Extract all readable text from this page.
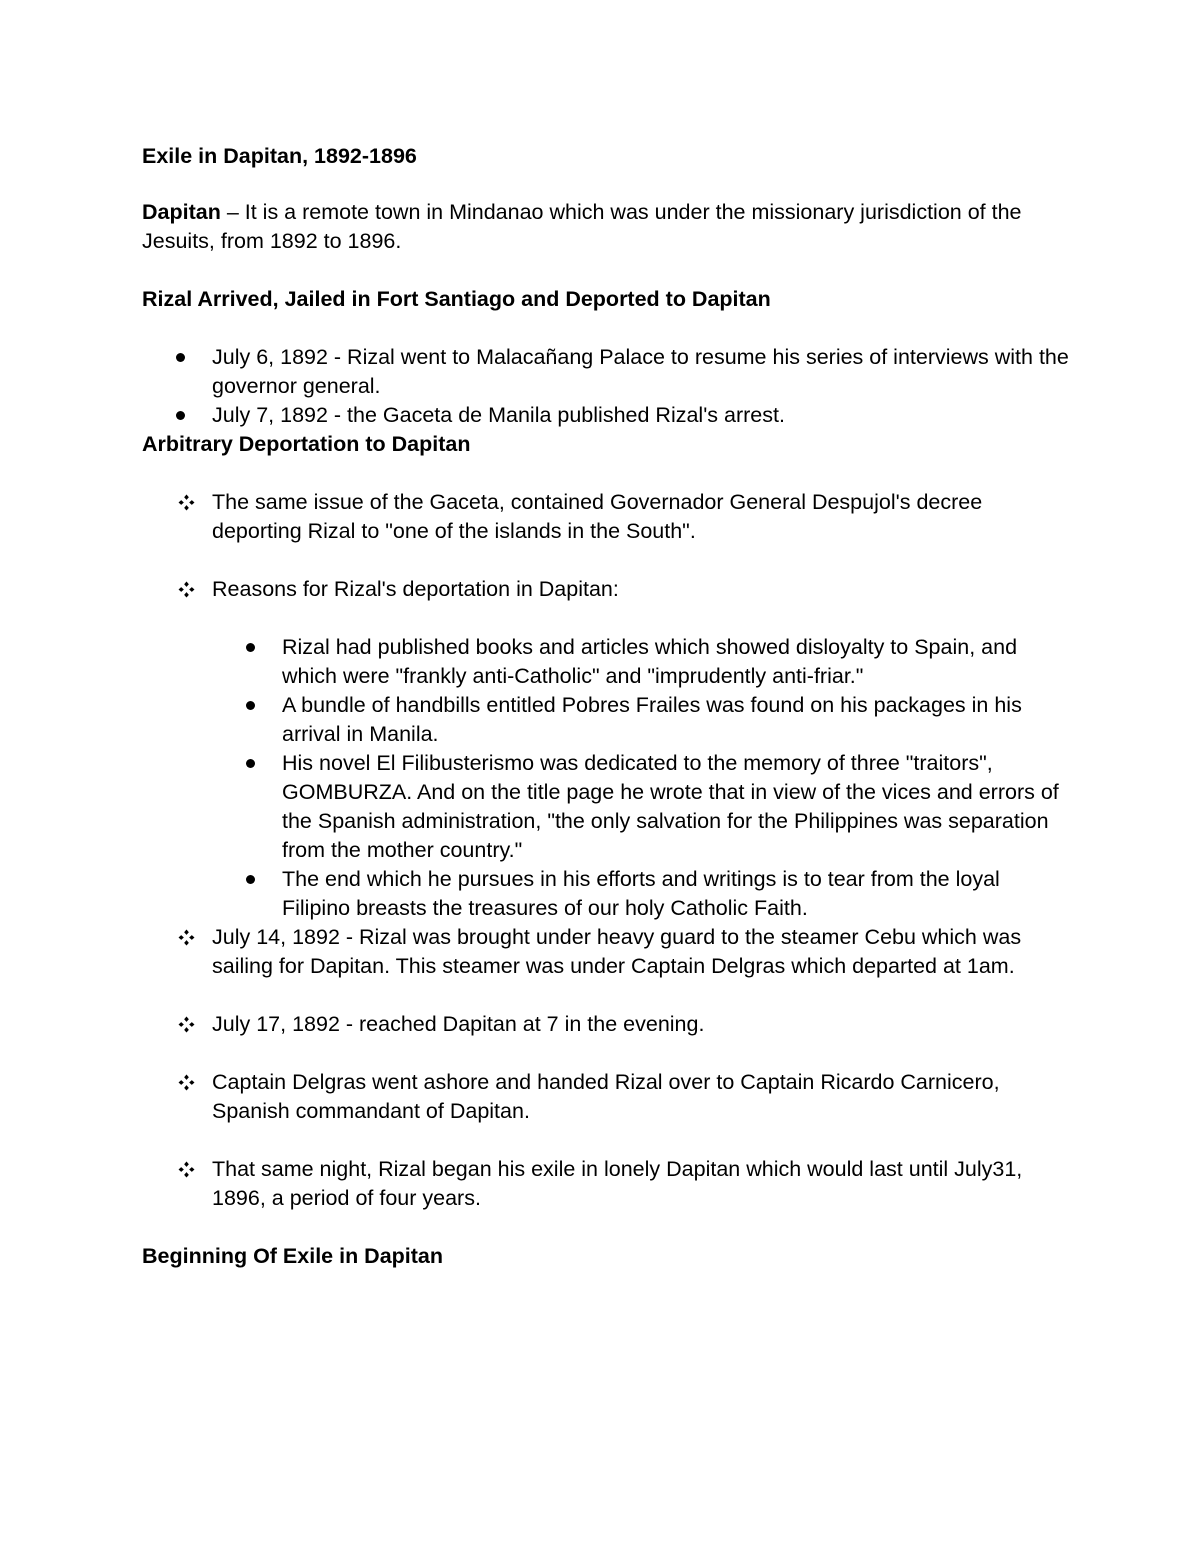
Exile in Dapitan, 1892-1896
Dapitan – It is a remote town in Mindanao which was under the missionary jurisdiction of the Jesuits, from 1892 to 1896.
Rizal Arrived, Jailed in Fort Santiago and Deported to Dapitan
July 6, 1892 - Rizal went to Malacañang Palace to resume his series of interviews with the governor general.
July 7, 1892 - the Gaceta de Manila published Rizal's arrest.
Arbitrary Deportation to Dapitan
The same issue of the Gaceta, contained Governador General Despujol's decree deporting Rizal to "one of the islands in the South".
Reasons for Rizal's deportation in Dapitan:
Rizal had published books and articles which showed disloyalty to Spain, and which were "frankly anti-Catholic" and "imprudently anti-friar."
A bundle of handbills entitled Pobres Frailes was found on his packages in his arrival in Manila.
His novel El Filibusterismo was dedicated to the memory of three "traitors", GOMBURZA. And on the title page he wrote that in view of the vices and errors of the Spanish administration, "the only salvation for the Philippines was separation from the mother country."
The end which he pursues in his efforts and writings is to tear from the loyal Filipino breasts the treasures of our holy Catholic Faith.
July 14, 1892 - Rizal was brought under heavy guard to the steamer Cebu which was sailing for Dapitan. This steamer was under Captain Delgras which departed at 1am.
July 17, 1892 - reached Dapitan at 7 in the evening.
Captain Delgras went ashore and handed Rizal over to Captain Ricardo Carnicero, Spanish commandant of Dapitan.
That same night, Rizal began his exile in lonely Dapitan which would last until July31, 1896, a period of four years.
Beginning Of Exile in Dapitan
